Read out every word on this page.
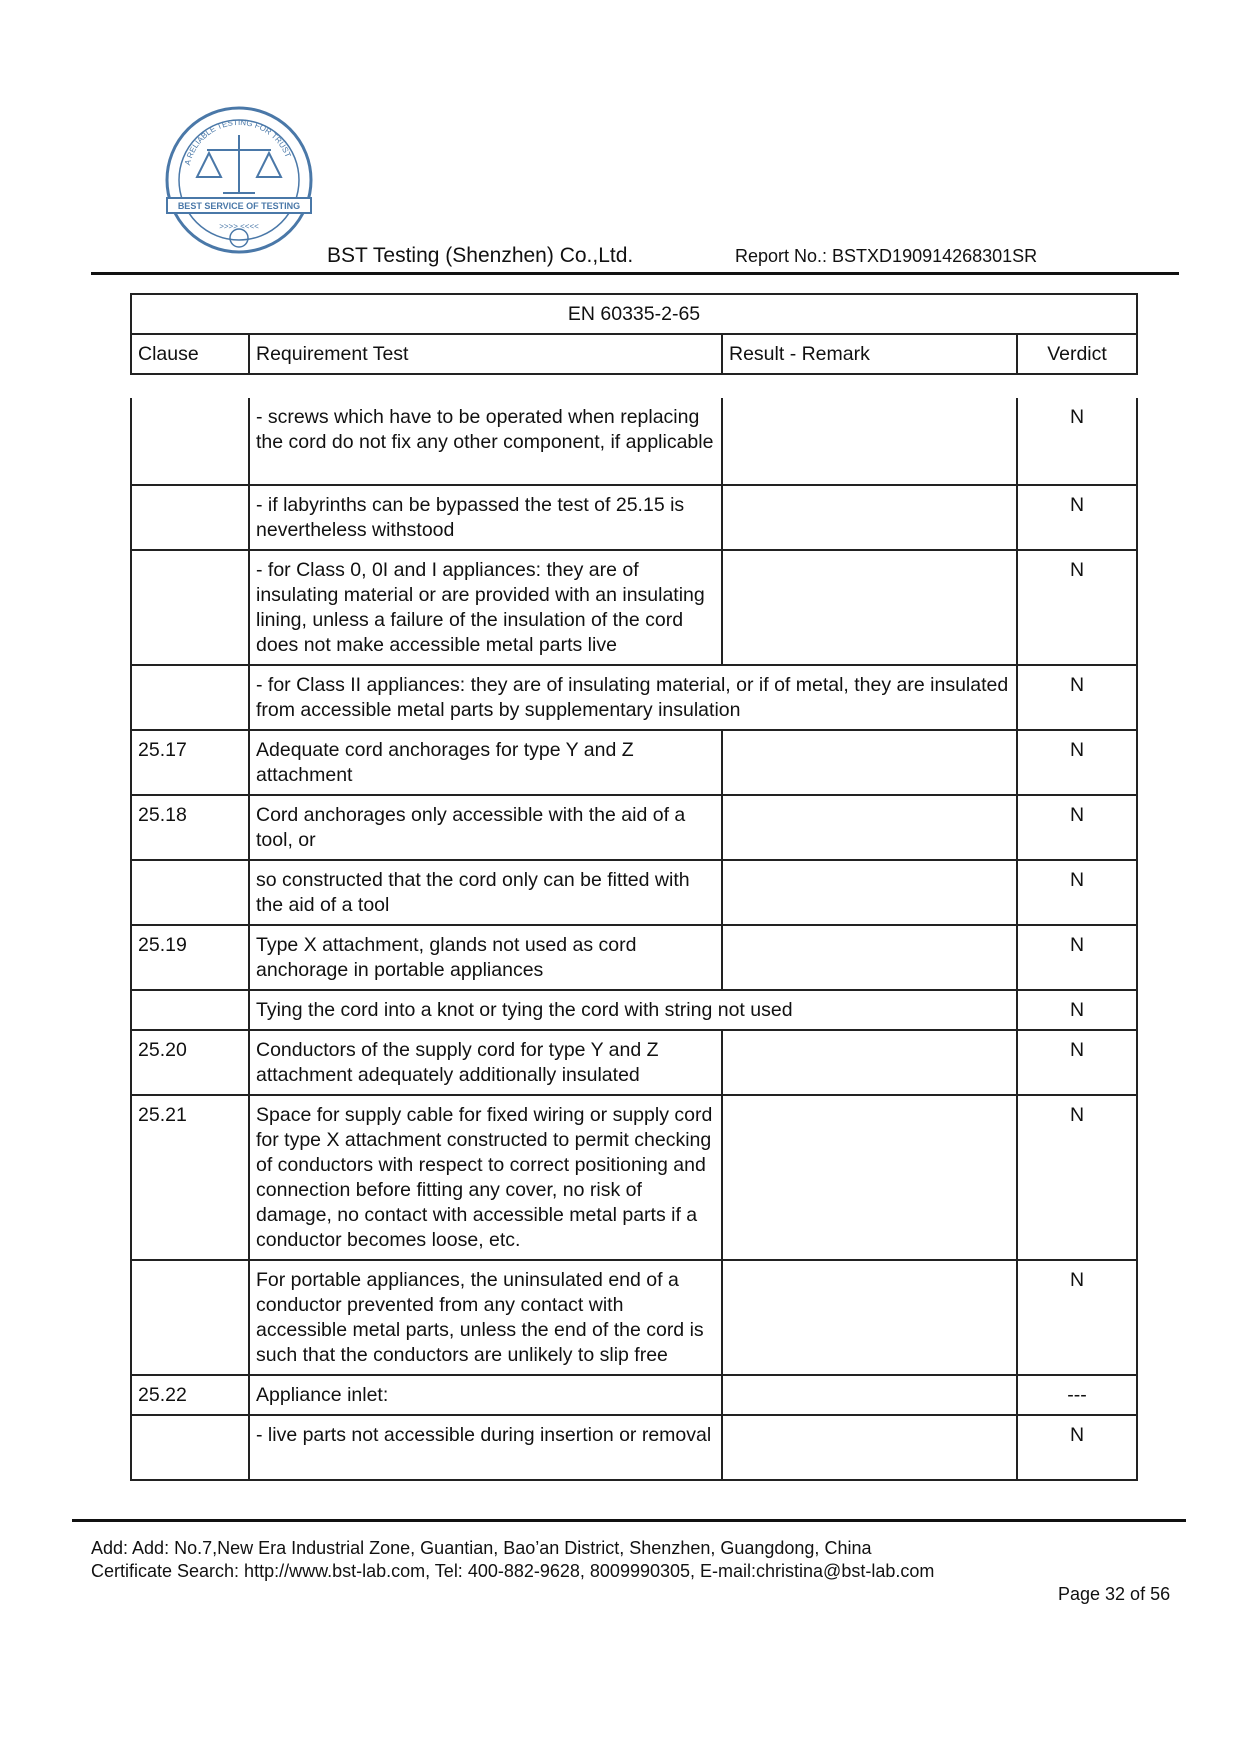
A RELIABLE TESTING FOR TRUST
BEST SERVICE OF TESTING
>>>> <<<<
BST Testing (Shenzhen) Co.,Ltd.	Report No.: BSTXD190914268301SR
EN 60335-2-65
Clause	Requirement Test	Result - Remark	Verdict
	- screws which have to be operated when replacing the cord do not fix any other component, if applicable		N
	- if labyrinths can be bypassed the test of 25.15 is nevertheless withstood		N
	- for Class 0, 0I and I appliances: they are of insulating material or are provided with an insulating lining, unless a failure of the insulation of the cord does not make accessible metal parts live		N
	- for Class II appliances: they are of insulating material, or if of metal, they are insulated from accessible metal parts by supplementary insulation		N
25.17	Adequate cord anchorages for type Y and Z attachment		N
25.18	Cord anchorages only accessible with the aid of a tool, or		N
	so constructed that the cord only can be fitted with the aid of a tool		N
25.19	Type X attachment, glands not used as cord anchorage in portable appliances		N
	Tying the cord into a knot or tying the cord with string not used		N
25.20	Conductors of the supply cord for type Y and Z attachment adequately additionally insulated		N
25.21	Space for supply cable for fixed wiring or supply cord for type X attachment constructed to permit checking of conductors with respect to correct positioning and connection before fitting any cover, no risk of damage, no contact with accessible metal parts if a conductor becomes loose, etc.		N
	For portable appliances, the uninsulated end of a conductor prevented from any contact with accessible metal parts, unless the end of the cord is such that the conductors are unlikely to slip free		N
25.22	Appliance inlet:		---
	- live parts not accessible during insertion or removal		N
Add: Add: No.7,New Era Industrial Zone, Guantian, Bao’an District, Shenzhen, Guangdong, China
Certificate Search: http://www.bst-lab.com, Tel: 400-882-9628, 8009990305, E-mail:christina@bst-lab.com
Page 32 of 56
